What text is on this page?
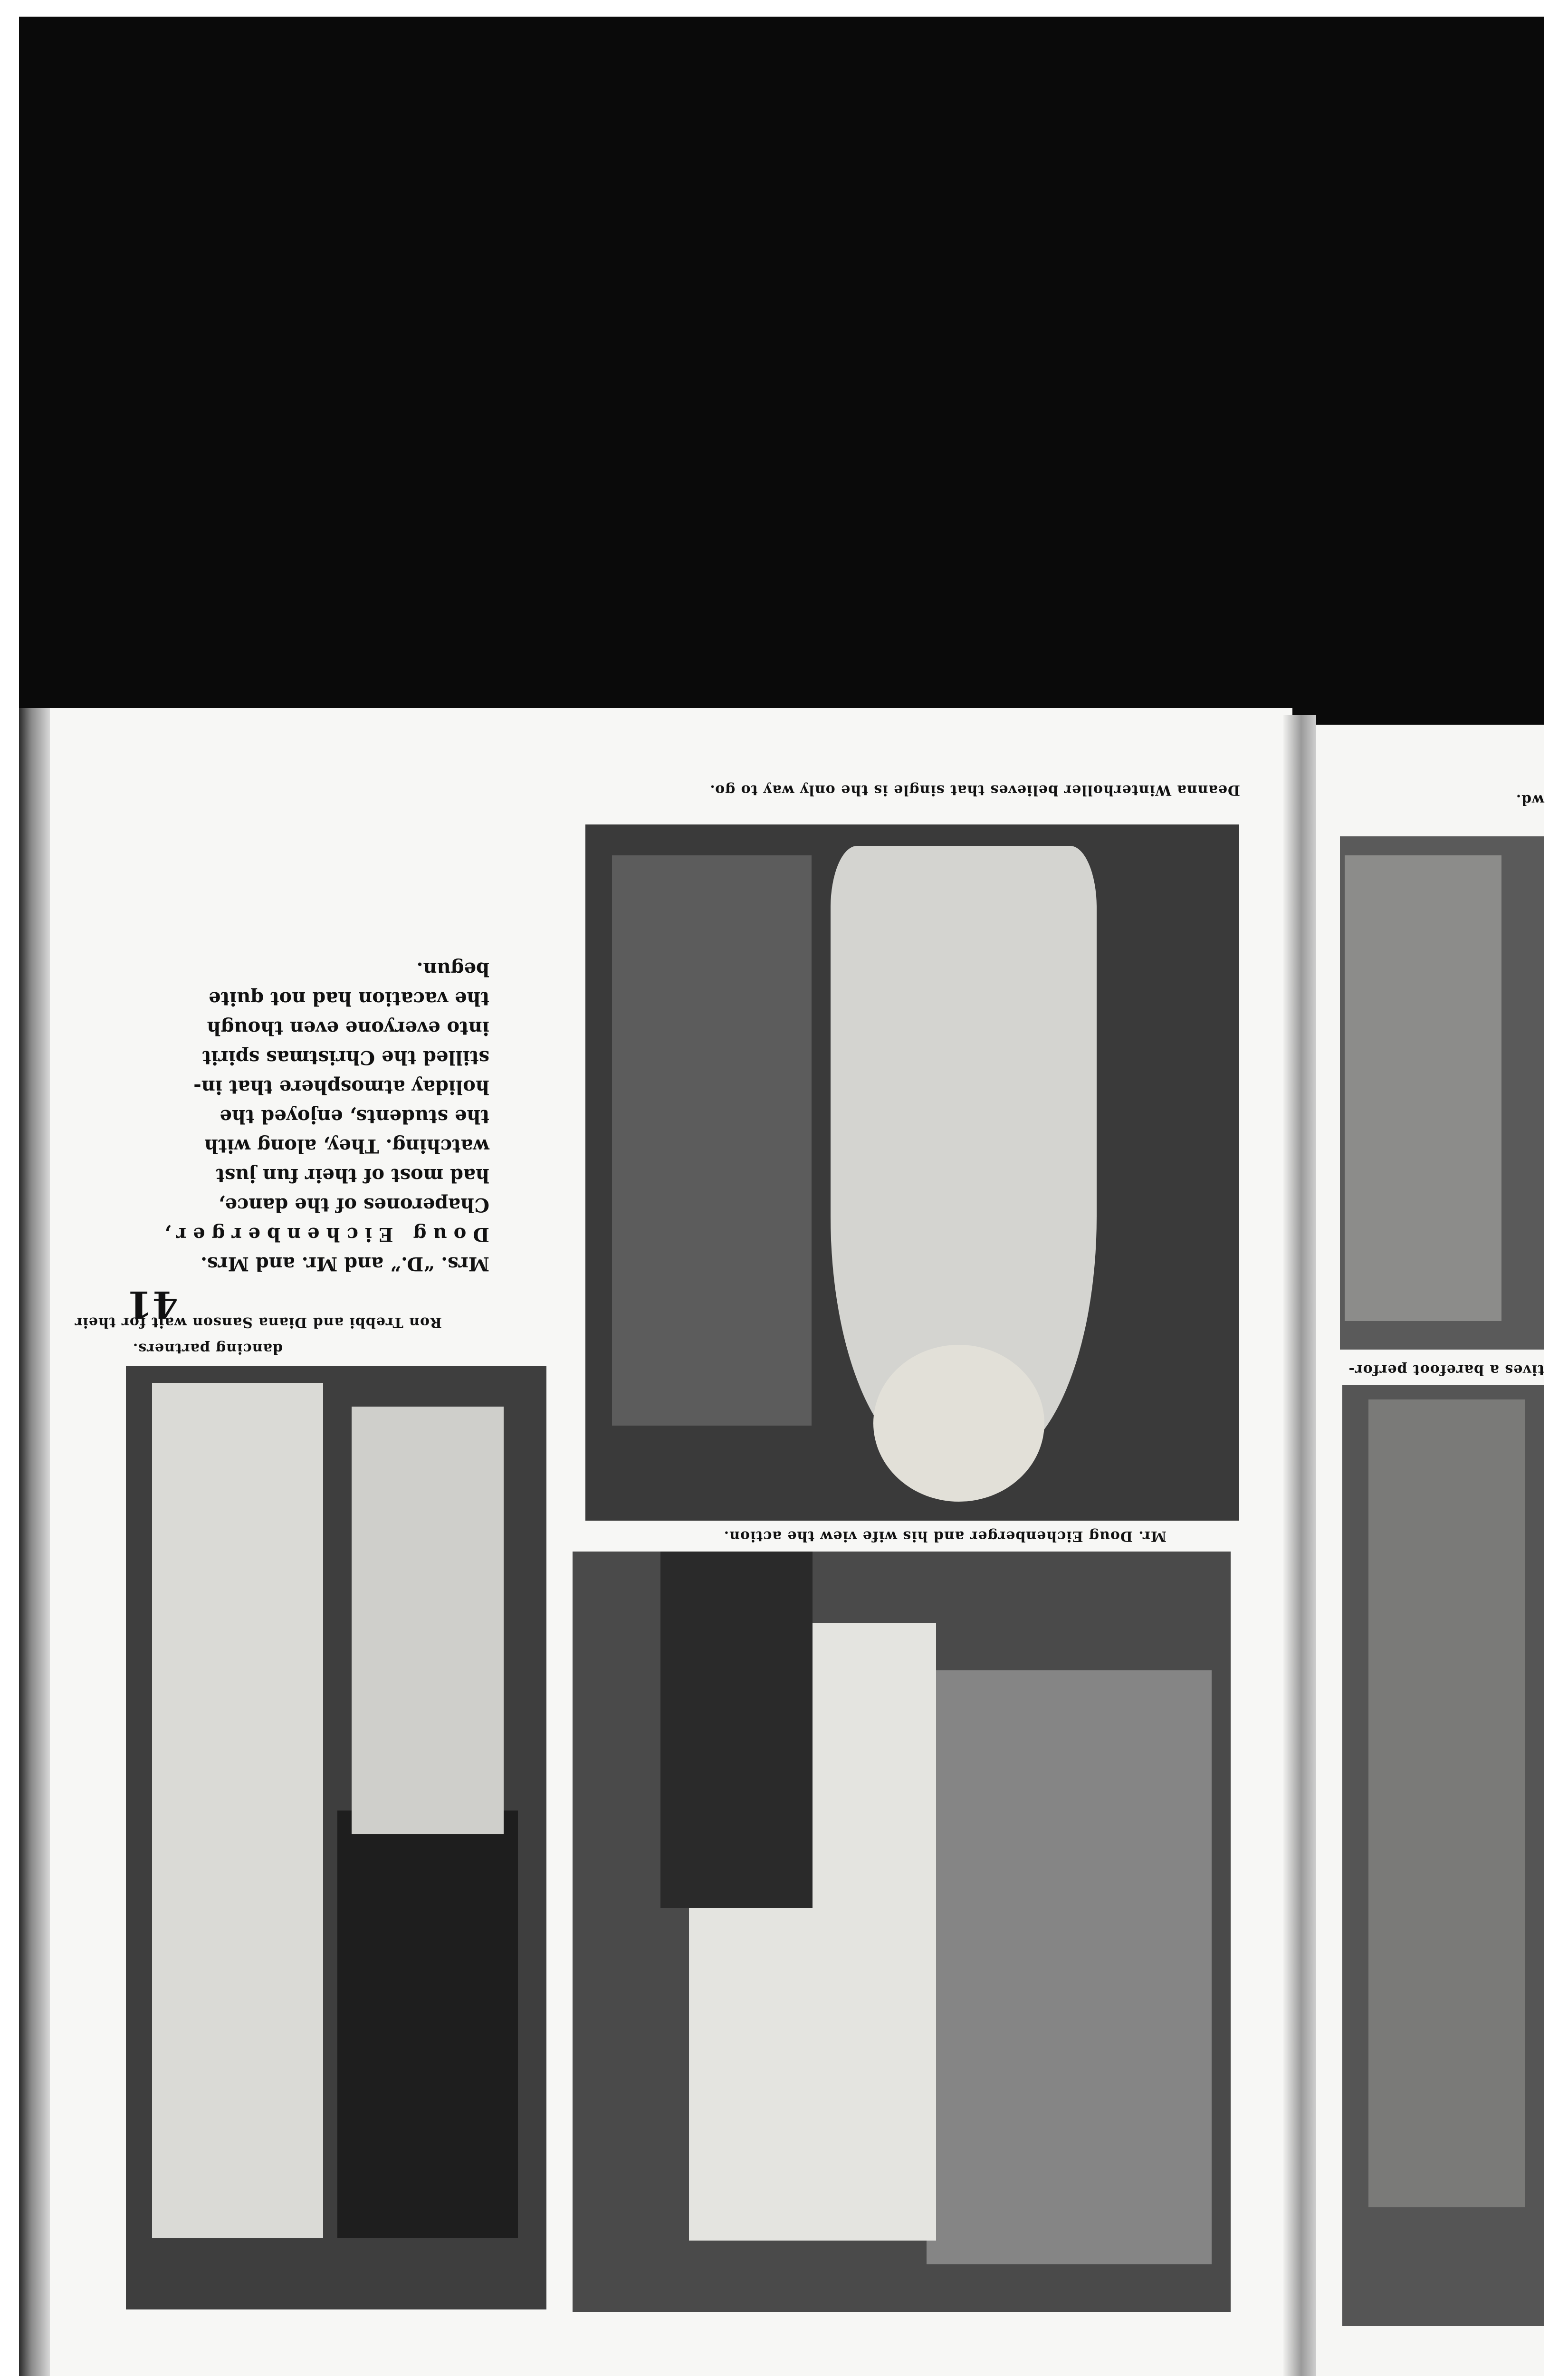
Deanna Winterholler believes that single is the only way to go.
Mr. Doug Eichenberger and his wife view the action.
Ron Trebbi and Diana Sanson wait for their
dancing partners.
41
Mrs. “D.” and Mr. and Mrs.
Doug Eichenberger,
Chaperones of the dance,
had most of their fun just
watching. They, along with
the students, enjoyed the
holiday atmosphere that in-
stilled the Christmas spirit
into everyone even though
the vacation had not quite
begun.
wd.
tives a barefoot perfor-
